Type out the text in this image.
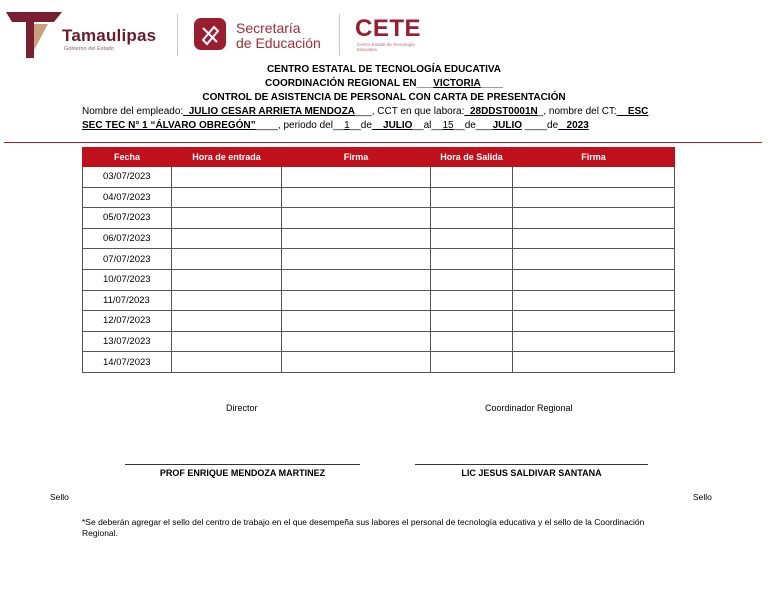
Tamaulipas
Gobierno del Estado
Secretaría
de Educación
CETE
Centro Estatal de Tecnología Educativa
CENTRO ESTATAL DE TECNOLOGÍA EDUCATIVA
COORDINACIÓN REGIONAL EN___VICTORIA____
CONTROL DE ASISTENCIA DE PERSONAL CON CARTA DE PRESENTACIÓN
Nombre del empleado:_JULIO CESAR ARRIETA MENDOZA___, CCT en que labora:_28DDST0001N_, nombre del CT:__ESC
SEC TEC N° 1 “ÁLVARO OBREGÓN”____, periodo del__1__de__JULIO__al__15__de___JULIO ____de_ 2023
Fecha	Hora de entrada	Firma	Hora de Salida	Firma
03/07/2023				
04/07/2023				
05/07/2023				
06/07/2023				
07/07/2023				
10/07/2023				
11/07/2023				
12/07/2023				
13/07/2023				
14/07/2023				
Director	Coordinador Regional
PROF ENRIQUE MENDOZA MARTINEZ	LIC JESUS SALDIVAR SANTANA
Sello	Sello
*Se deberán agregar el sello del centro de trabajo en el que desempeña sus labores el personal de tecnología educativa y el sello de la Coordinación Regional.
